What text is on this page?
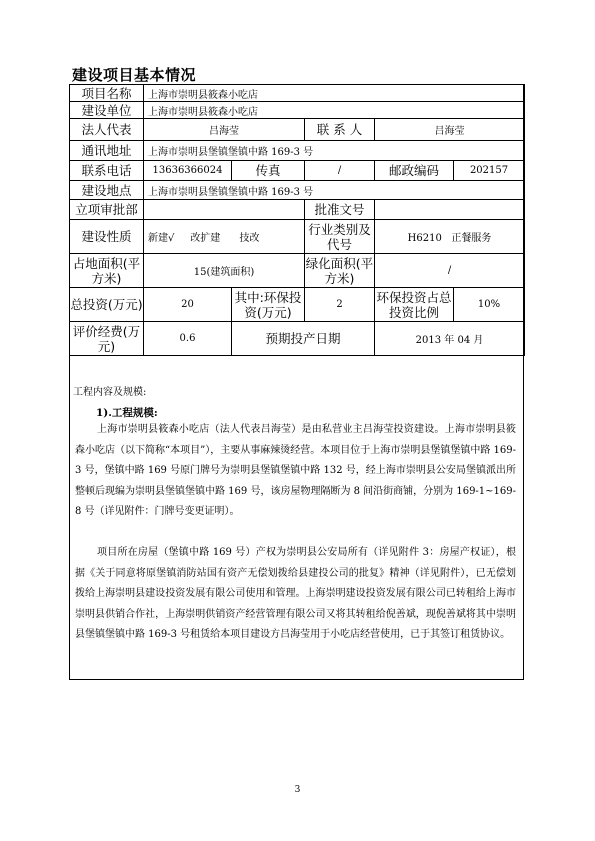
建设项目基本情况
项目名称	上海市崇明县筱森小吃店				
建设单位	上海市崇明县筱森小吃店				
法人代表	吕海莹		联 系 人	吕海莹	
通讯地址	上海市崇明县堡镇堡镇中路 169-3 号				
联系电话	13636366024	传真	/	邮政编码	202157
建设地点	上海市崇明县堡镇堡镇中路 169-3 号				
立项审批部			批准文号		
建设性质	新建√     改扩建      技改		行业类别及代号	H6210   正餐服务	
占地面积(平方米)	15(建筑面积)		绿化面积(平方米)	/	
总投资(万元)	20	其中:环保投资(万元)	2	环保投资占总投资比例	10%
评价经费(万元)	0.6	预期投产日期		2013 年 04 月	
工程内容及规模:
1).工程规模:
上海市崇明县筱森小吃店（法人代表吕海莹）是由私营业主吕海莹投资建设。上海市崇明县筱森小吃店（以下简称“本项目”），主要从事麻辣烫经营。本项目位于上海市崇明县堡镇堡镇中路 169-3 号，堡镇中路 169 号原门牌号为崇明县堡镇堡镇中路 132 号，经上海市崇明县公安局堡镇派出所整顿后现编为崇明县堡镇堡镇中路 169 号，该房屋物理隔断为 8 间沿街商铺，分别为 169-1~169-8 号（详见附件：门牌号变更证明）。
项目所在房屋（堡镇中路 169 号）产权为崇明县公安局所有（详见附件 3：房屋产权证），根据《关于同意将原堡镇消防站国有资产无偿划拨给县建投公司的批复》精神（详见附件），已无偿划拨给上海崇明县建设投资发展有限公司使用和管理。上海崇明建设投资发展有限公司已转租给上海市崇明县供销合作社，上海崇明供销资产经营管理有限公司又将其转租给倪善斌，现倪善斌将其中崇明县堡镇堡镇中路 169-3 号租赁给本项目建设方吕海莹用于小吃店经营使用，已于其签订租赁协议。
3
